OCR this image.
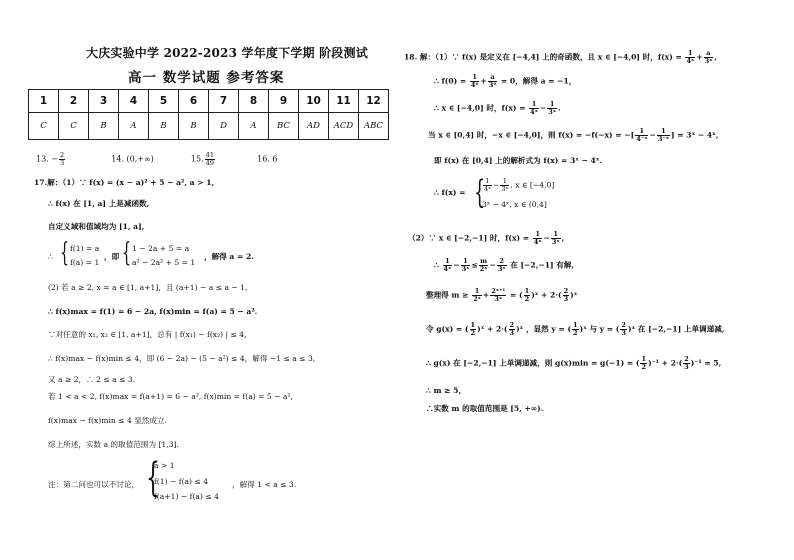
大庆实验中学 2022-2023 学年度下学期 阶段测试
高一 数学试题 参考答案
1	2	3	4	5	6	7	8	9	10	11	12
C	C	B	A	B	B	D	A	BC	AD	ACD	ABC
13. − $\frac{2}{3}$	14. (0,+∞)	15. $\frac{41}{49}$	16. 6
17.解：（1）∵ f(x) = (x − a)² + 5 − a², a > 1,
∴ f(x) 在 [1, a] 上是减函数,
自定义域和值域均为 [1, a],
∴ { f(1) = a
f(a) = 1
，即 { 1 − 2a + 5 = a
a² − 2a² + 5 = 1
，解得 a = 2.
(2) 若 a ≥ 2, x = a ∈ [1, a+1]，且 (a+1) − a ≤ a − 1,
∴ f(x)max = f(1) = 6 − 2a, f(x)min = f(a) = 5 − a².
∵对任意的 x₁, x₂ ∈ [1, a+1]，总有 | f(x₁) − f(x₂) | ≤ 4,
∴ f(x)max − f(x)min ≤ 4，即 (6 − 2a) − (5 − a²) ≤ 4，解得 −1 ≤ a ≤ 3,
又 a ≥ 2，∴ 2 ≤ a ≤ 3.
若 1 < a < 2, f(x)max = f(a+1) = 6 − a², f(x)min = f(a) = 5 − a²,
f(x)max − f(x)min ≤ 4 显然成立.
综上所述，实数 a 的取值范围为 [1,3].
注：第二问也可以不讨论， {
a > 1
f(1) − f(a) ≤ 4
f(a+1) − f(a) ≤ 4
，解得 1 < a ≤ 3.
18. 解：（1）∵ f(x) 是定义在 [−4,4] 上的奇函数，且 x ∈ [−4,0] 时，$f(x) = \frac{1}{\text{4ˣ}} + \frac{a}{\text{3ˣ}}$ ,
∴ $f(0) = \frac{1}{\text{4⁰}} + \frac{a}{\text{3⁰}} = 0$，解得 a = −1，
∴ x ∈ [−4,0] 时，$f(x) = \frac{1}{\text{4ˣ}} - \frac{1}{\text{3ˣ}}$ .
当 x ∈ [0,4] 时，−x ∈ [−4,0]，则 f(x) = −f(−x) = −[ $\frac{1}{\text{4⁻ˣ}} - \frac{1}{\text{3⁻ˣ}}$ ] = 3ˣ − 4ˣ,
即 f(x) 在 [0,4] 上的解析式为 f(x) = 3ˣ − 4ˣ.
∴ f(x) = {
$\frac{1}{\text{4ˣ}} - \frac{1}{\text{3ˣ}}$ , x ∈ [−4,0]
3ˣ − 4ˣ, x ∈ (0,4]
（2）∵ x ∈ [−2,−1] 时，$f(x) = \frac{1}{\text{4ˣ}} - \frac{1}{\text{3ˣ}}$ ,
∴ $\frac{1}{\text{4ˣ}} - \frac{1}{\text{3ˣ}} \le \frac{m}{\text{2ˣ}} - \frac{2}{\text{3ˣ}}$ 在 [−2,−1] 有解,
整理得 $m \ge \frac{1}{\text{2ˣ}} + \frac{\text{2ˣ⁺¹}}{\text{3ˣ}}$ = ( $\frac{1}{2}$ )ˣ + $2\cdot( \frac{2}{3}$ )ˣ
令 g(x) = ( $\frac{1}{2}$ )ˣ + $2\cdot( \frac{2}{3}$ )ˣ ，显然 y = ( $\frac{1}{2}$ )ˣ 与 y = ( $\frac{2}{3}$ )ˣ 在 [−2,−1] 上单调递减,
∴ g(x) 在 [−2,−1] 上单调递减，则 g(x)min = g(−1) = ( $\frac{1}{2} )^{-1} + 2\cdot( \frac{2}{3} )^{-1} = 5$,
∴ m ≥ 5,
∴实数 m 的取值范围是 [5, +∞).
